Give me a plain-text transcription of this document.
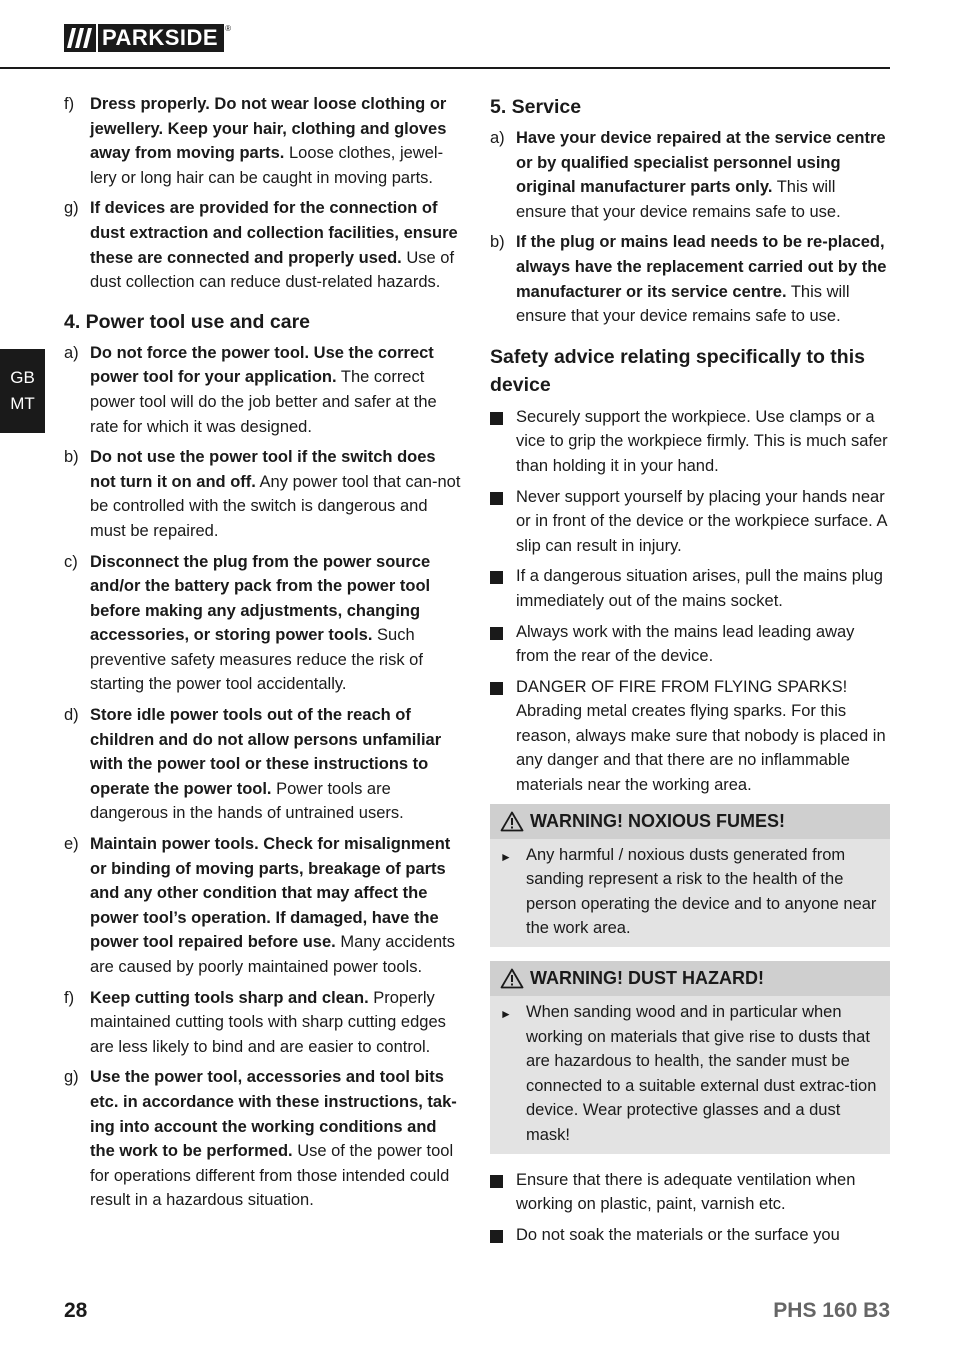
PARKSIDE ®
GB
MT
f) Dress properly. Do not wear loose clothing or jewellery. Keep your hair, clothing and gloves away from moving parts. Loose clothes, jewel-lery or long hair can be caught in moving parts.
g) If devices are provided for the connection of dust extraction and collection facilities, ensure these are connected and properly used. Use of dust collection can reduce dust-related hazards.
4. Power tool use and care
a) Do not force the power tool. Use the correct power tool for your application. The correct power tool will do the job better and safer at the rate for which it was designed.
b) Do not use the power tool if the switch does not turn it on and off. Any power tool that can-not be controlled with the switch is dangerous and must be repaired.
c) Disconnect the plug from the power source and/or the battery pack from the power tool before making any adjustments, changing accessories, or storing power tools. Such preventive safety measures reduce the risk of starting the power tool accidentally.
d) Store idle power tools out of the reach of children and do not allow persons unfamiliar with the power tool or these instructions to operate the power tool. Power tools are dangerous in the hands of untrained users.
e) Maintain power tools. Check for misalignment or binding of moving parts, breakage of parts and any other condition that may affect the power tool’s operation. If damaged, have the power tool repaired before use. Many accidents are caused by poorly maintained power tools.
f) Keep cutting tools sharp and clean. Properly maintained cutting tools with sharp cutting edges are less likely to bind and are easier to control.
g) Use the power tool, accessories and tool bits etc. in accordance with these instructions, tak-ing into account the working conditions and the work to be performed. Use of the power tool for operations different from those intended could result in a hazardous situation.
5. Service
a) Have your device repaired at the service centre or by qualified specialist personnel using original manufacturer parts only. This will ensure that your device remains safe to use.
b) If the plug or mains lead needs to be re-placed, always have the replacement carried out by the manufacturer or its service centre. This will ensure that your device remains safe to use.
Safety advice relating specifically to this device
Securely support the workpiece. Use clamps or a vice to grip the workpiece firmly. This is much safer than holding it in your hand.
Never support yourself by placing your hands near or in front of the device or the workpiece surface. A slip can result in injury.
If a dangerous situation arises, pull the mains plug immediately out of the mains socket.
Always work with the mains lead leading away from the rear of the device.
DANGER OF FIRE FROM FLYING SPARKS! Abrading metal creates flying sparks. For this reason, always make sure that nobody is placed in any danger and that there are no inflammable materials near the working area.
WARNING! NOXIOUS FUMES!
► Any harmful / noxious dusts generated from sanding represent a risk to the health of the person operating the device and to anyone near the work area.
WARNING! DUST HAZARD!
► When sanding wood and in particular when working on materials that give rise to dusts that are hazardous to health, the sander must be connected to a suitable external dust extrac-tion device. Wear protective glasses and a dust mask!
Ensure that there is adequate ventilation when working on plastic, paint, varnish etc.
Do not soak the materials or the surface you
28	PHS 160 B3
